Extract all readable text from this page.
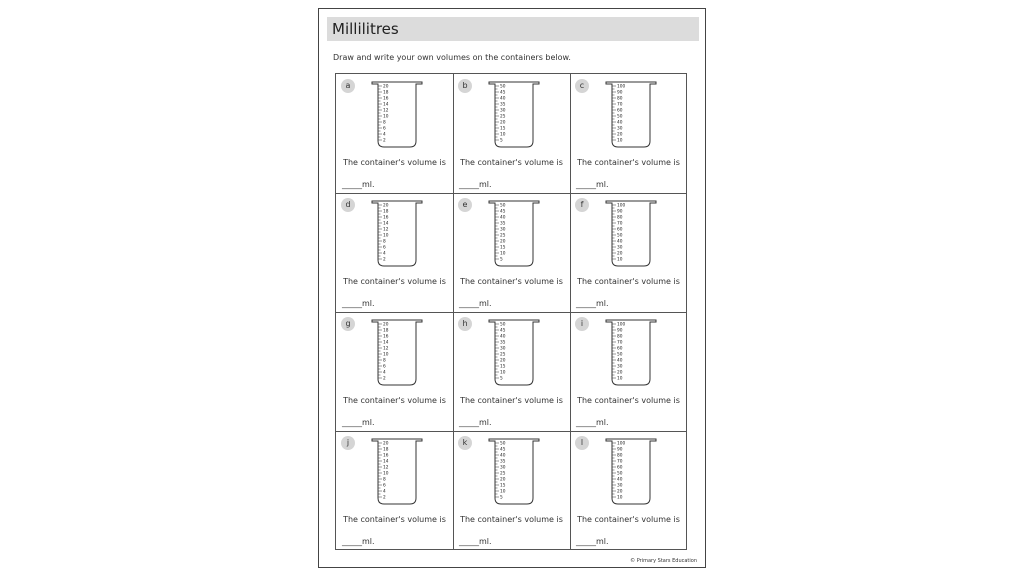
Millilitres
Draw and write your own volumes on the containers below.
a	20
18
16
14
12
10
8
6
4
2
The container's volume is
_____ml.
b	50
45
40
35
30
25
20
15
10
5
The container's volume is
_____ml.
c	100
90
80
70
60
50
40
30
20
10
The container's volume is
_____ml.
d	20
18
16
14
12
10
8
6
4
2
The container's volume is
_____ml.
e	50
45
40
35
30
25
20
15
10
5
The container's volume is
_____ml.
f	100
90
80
70
60
50
40
30
20
10
The container's volume is
_____ml.
g	20
18
16
14
12
10
8
6
4
2
The container's volume is
_____ml.
h	50
45
40
35
30
25
20
15
10
5
The container's volume is
_____ml.
i	100
90
80
70
60
50
40
30
20
10
The container's volume is
_____ml.
j	20
18
16
14
12
10
8
6
4
2
The container's volume is
_____ml.
k	50
45
40
35
30
25
20
15
10
5
The container's volume is
_____ml.
l	100
90
80
70
60
50
40
30
20
10
The container's volume is
_____ml.
© Primary Stars Education
